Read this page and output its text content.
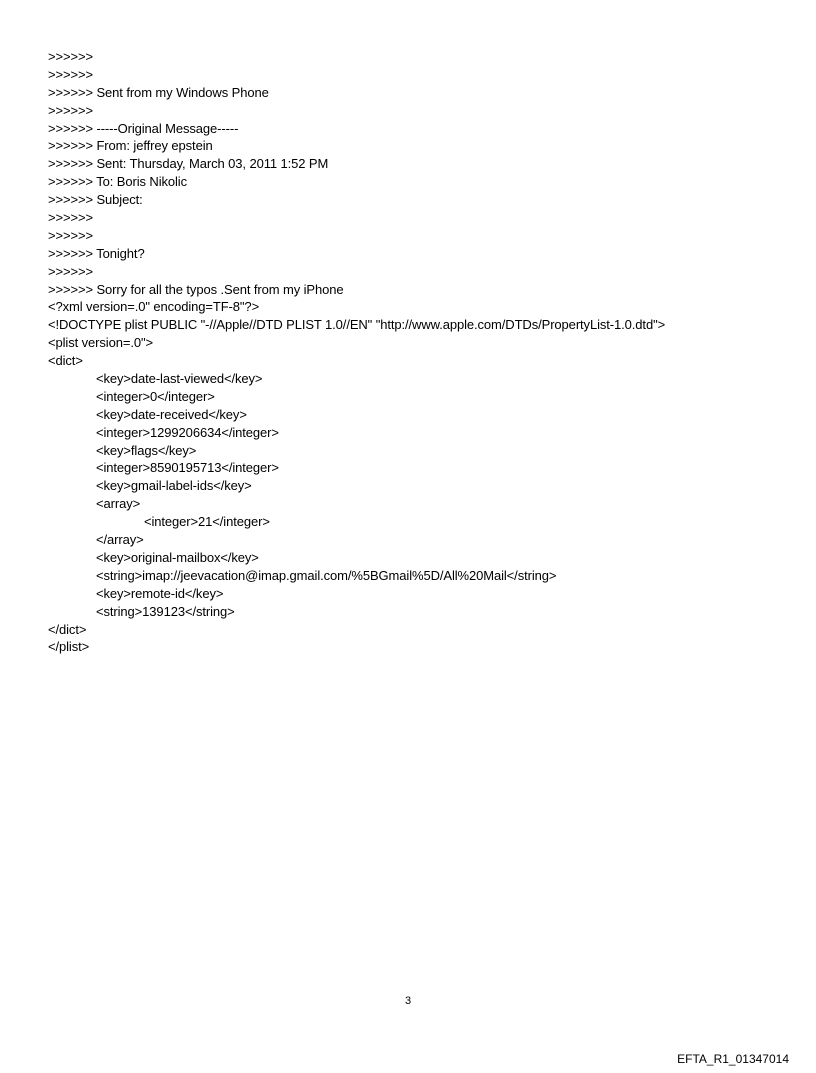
>>>>>>
>>>>>>
>>>>>> Sent from my Windows Phone
>>>>>>
>>>>>> -----Original Message-----
>>>>>> From: jeffrey epstein
>>>>>> Sent: Thursday, March 03, 2011 1:52 PM
>>>>>> To: Boris Nikolic
>>>>>> Subject:
>>>>>>
>>>>>>
>>>>>> Tonight?
>>>>>>
>>>>>> Sorry for all the typos .Sent from my iPhone
<?xml version=.0" encoding=TF-8"?>
<!DOCTYPE plist PUBLIC "-//Apple//DTD PLIST 1.0//EN" "http://www.apple.com/DTDs/PropertyList-1.0.dtd">
<plist version=.0">
<dict>
<key>date-last-viewed</key>
<integer>0</integer>
<key>date-received</key>
<integer>1299206634</integer>
<key>flags</key>
<integer>8590195713</integer>
<key>gmail-label-ids</key>
<array>
<integer>21</integer>
</array>
<key>original-mailbox</key>
<string>imap://jeevacation@imap.gmail.com/%5BGmail%5D/All%20Mail</string>
<key>remote-id</key>
<string>139123</string>
</dict>
</plist>
3
EFTA_R1_01347014
